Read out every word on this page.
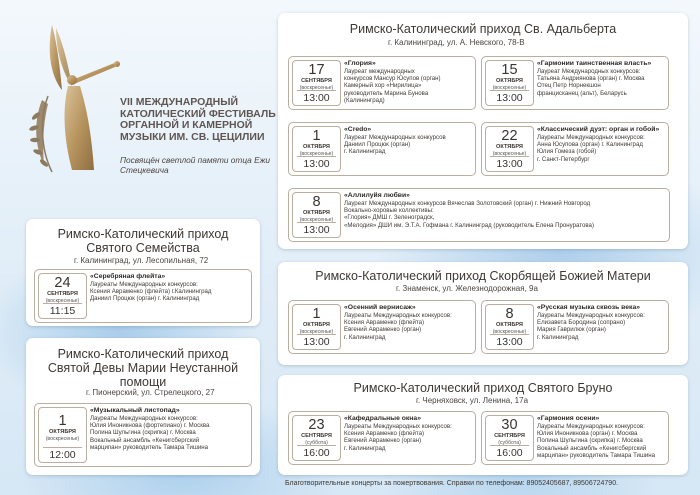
VII МЕЖДУНАРОДНЫЙ КАТОЛИЧЕСКИЙ ФЕСТИВАЛЬ ОРГАННОЙ И КАМЕРНОЙ МУЗЫКИ ИМ. СВ. ЦЕЦИЛИИ
Посвящён светлой памяти отца Ежи Стецкевича
Римско-Католический приход Св. Адальберта
г. Калининград, ул. А. Невского, 78-В
17
СЕНТЯБРЯ
(воскресенье)
13:00
«Глория»
Лауреат международных
конкурсов Мансур Юсупов (орган)
Камерный хор «Нирилица»
руководитель Марина Бунова
(Калининград)
15
ОКТЯБРЯ
(воскресенье)
13:00
«Гармонии таинственная власть»
Лауреат Международных конкурсов:
Татьяна Андриянова (орган) г. Москва
Отец Петр Норнекшон
францисканец (альт), Беларусь
1
ОКТЯБРЯ
(воскресенье)
13:00
«Credo»
Лауреат Международных конкурсов
Даниил Процюк (орган)
г. Калининград
22
ОКТЯБРЯ
(воскресенье)
13:00
«Классический дуэт: орган и гобой»
Лауреаты Международных конкурсов:
Анна Юсупова (орган) г. Калининград
Юлия Гомеза (гобой)
г. Санкт-Петербург
8
ОКТЯБРЯ
(воскресенье)
13:00
«Аллилуйя любви»
Лауреат Международных конкурсов Вячеслав Золотовский (орган) г. Нижний Новгород
Вокально-хоровые коллективы:
«Глория» ДМШ г. Зеленоградск,
«Мелодия» ДШИ им. Э.Т.А. Гофмана г. Калининград (руководитель Елена Пронуратова)
Римско-Католический приход Святого Семейства
г. Калининград, ул. Лесопильная, 72
24
СЕНТЯБРЯ
(воскресенье)
11:15
«Серебряная флейта»
Лауреаты Международных конкурсов:
Ксения Авраменко (флейта) г.Калининград
Даниил Процюк (орган) г. Калининград
Римско-Католический приход Святой Девы Марии Неустанной помощи
г. Пионерский, ул. Стрелецкого, 27
1
ОКТЯБРЯ
(воскресенье)
12:00
«Музыкальный листопад»
Лауреаты Международных конкурсов:
Юлия Иноникнова (фортепиано) г. Москва
Полина Шульгина (скрипка) г. Москва
Вокальный ансамбль «Кенигсбергский
марципан» руководитель Тамара Тишина
Римско-Католический приход Скорбящей Божией Матери
г. Знаменск, ул. Железнодорожная, 9а
1
ОКТЯБРЯ
(воскресенье)
13:00
«Осенний вернисаж»
Лауреаты Международных конкурсов:
Ксения Авраменко (флейта)
Евгений Авраменко (орган)
г. Калининград
8
ОКТЯБРЯ
(воскресенье)
13:00
«Русская музыка сквозь века»
Лауреаты Международных конкурсов:
Елизавета Бородина (сопрано)
Мария Гаврилюк (орган)
г. Калининград
Римско-Католический приход Святого Бруно
г. Черняховск, ул. Ленина, 17а
23
СЕНТЯБРЯ
(суббота)
16:00
«Кафедральные окна»
Лауреаты Международных конкурсов:
Ксения Авраменко (флейта)
Евгений Авраменко (орган)
г. Калининград
30
СЕНТЯБРЯ
(суббота)
16:00
«Гармония осени»
Лауреаты Международных конкурсов:
Юлия Иноникнова (орган) г. Москва
Полина Шульгина (скрипка) г. Москва
Вокальный ансамбль «Кенигсбергский
марципан» руководитель Тамара Тишина
Благотворительные концерты за пожертвования. Справки по телефонам: 89052405687, 89506724790.
